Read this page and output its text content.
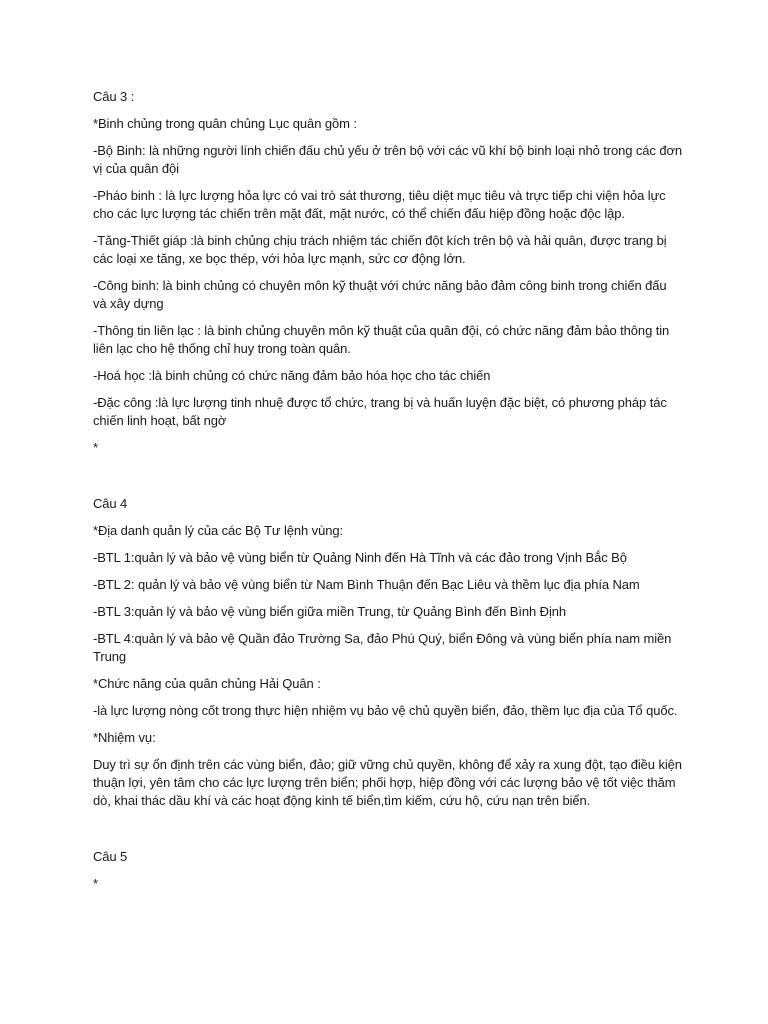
Câu 3 :

*Binh chủng trong quân chủng Lục quân gồm :

-Bộ Binh: là những người lính chiến đấu chủ yếu ở trên bộ với các vũ khí bộ binh loại nhỏ trong các đơn vị của quân đội

-Pháo binh : là lực lượng hỏa lực có vai trò sát thương, tiêu diệt mục tiêu và trực tiếp chi viện hỏa lực cho các lực lượng tác chiến trên mặt đất, mặt nước, có thể chiến đấu hiệp đồng hoặc độc lập.

-Tăng-Thiết giáp :là binh chủng chịu trách nhiệm tác chiến đột kích trên bộ và hải quân, được trang bị các loại xe tăng, xe bọc thép, với hỏa lực mạnh, sức cơ động lớn.

-Công binh: là binh chủng có chuyên môn kỹ thuật với chức năng bảo đảm công binh trong chiến đấu và xây dựng

-Thông tin liên lạc : là binh chủng chuyên môn kỹ thuật của quân đội, có chức năng đảm bảo thông tin liên lạc cho hệ thống chỉ huy trong toàn quân.

-Hoá học :là binh chủng có chức năng đảm bảo hóa học cho tác chiến

-Đặc công :là lực lượng tinh nhuệ được tổ chức, trang bị và huấn luyện đặc biệt, có phương pháp tác chiến linh hoạt, bất ngờ

*

Câu 4

*Địa danh quản lý của các Bộ Tư lệnh vùng:

-BTL 1:quản lý và bảo vệ vùng biển từ Quảng Ninh đến Hà Tĩnh và các đảo trong Vịnh Bắc Bộ

-BTL 2: quản lý và bảo vệ vùng biển từ Nam Bình Thuận đến Bạc Liêu và thềm lục địa phía Nam

-BTL 3:quản lý và bảo vệ vùng biển giữa miền Trung, từ Quảng Bình đến Bình Định

-BTL 4:quản lý và bảo vệ Quần đảo Trường Sa, đảo Phú Quý, biển Đông và vùng biển phía nam miền Trung

*Chức năng của quân chủng Hải Quân :

-là lực lượng nòng cốt trong thực hiện nhiệm vụ bảo vệ chủ quyền biển, đảo, thềm lục địa của Tổ quốc.

*Nhiệm vụ:

Duy trì sự ổn định trên các vùng biển, đảo; giữ vững chủ quyền, không để xảy ra xung đột, tạo điều kiện thuận lợi, yên tâm cho các lực lượng trên biển; phối hợp, hiệp đồng với các lượng bảo vệ tốt việc thăm dò, khai thác dầu khí và các hoạt động kinh tế biển,tìm kiếm, cứu hộ, cứu nạn trên biển.

Câu 5

*
